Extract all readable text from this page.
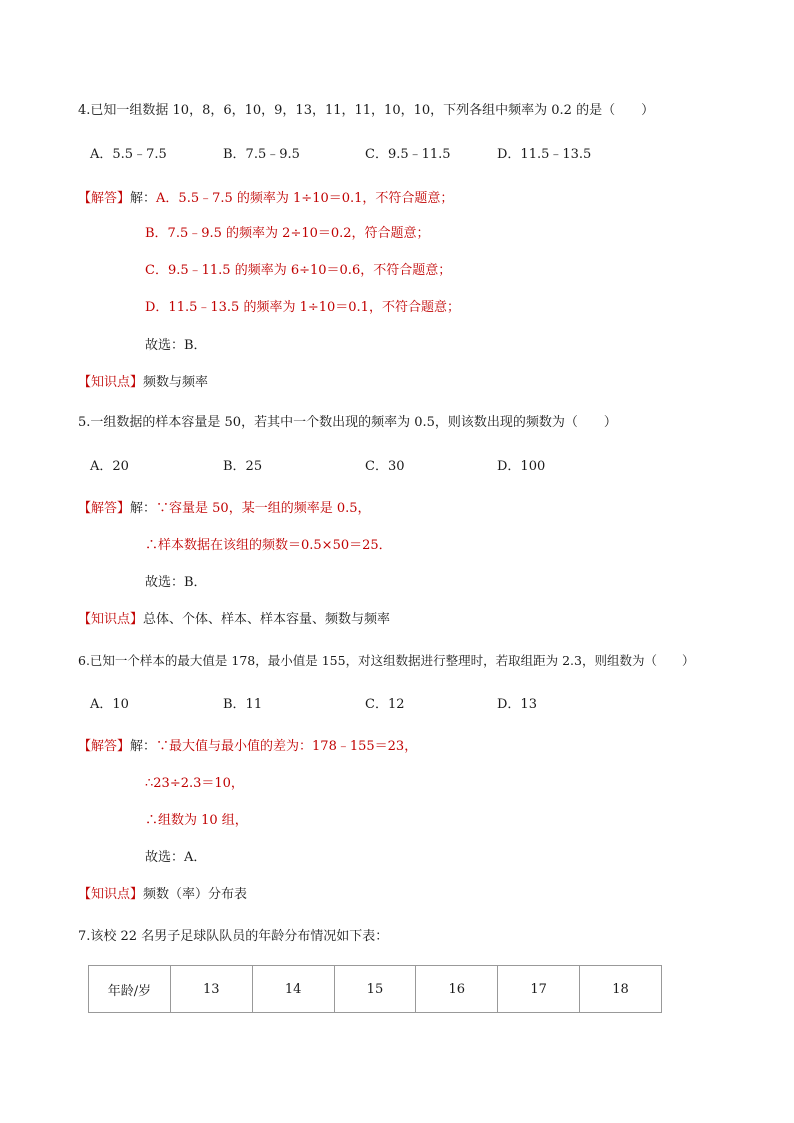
4.已知一组数据 10，8，6，10，9，13，11，11，10，10，下列各组中频率为 0.2 的是（　　）
A．5.5﹣7.5	B．7.5﹣9.5	C．9.5﹣11.5	D．11.5﹣13.5
【解答】解：A．5.5﹣7.5 的频率为 1÷10＝0.1，不符合题意；
B．7.5﹣9.5 的频率为 2÷10＝0.2，符合题意；
C．9.5﹣11.5 的频率为 6÷10＝0.6，不符合题意；
D．11.5﹣13.5 的频率为 1÷10＝0.1，不符合题意；
故选：B．
【知识点】频数与频率
5.一组数据的样本容量是 50，若其中一个数出现的频率为 0.5，则该数出现的频数为（　　）
A．20	B．25	C．30	D．100
【解答】解：∵容量是 50，某一组的频率是 0.5，
∴样本数据在该组的频数＝0.5×50＝25．
故选：B．
【知识点】总体、个体、样本、样本容量、频数与频率
6.已知一个样本的最大值是 178，最小值是 155，对这组数据进行整理时，若取组距为 2.3，则组数为（　　）
A．10	B．11	C．12	D．13
【解答】解：∵最大值与最小值的差为：178﹣155＝23，
∴23÷2.3＝10，
∴组数为 10 组，
故选：A．
【知识点】频数（率）分布表
7.该校 22 名男子足球队队员的年龄分布情况如下表：
年龄/岁	13	14	15	16	17	18
